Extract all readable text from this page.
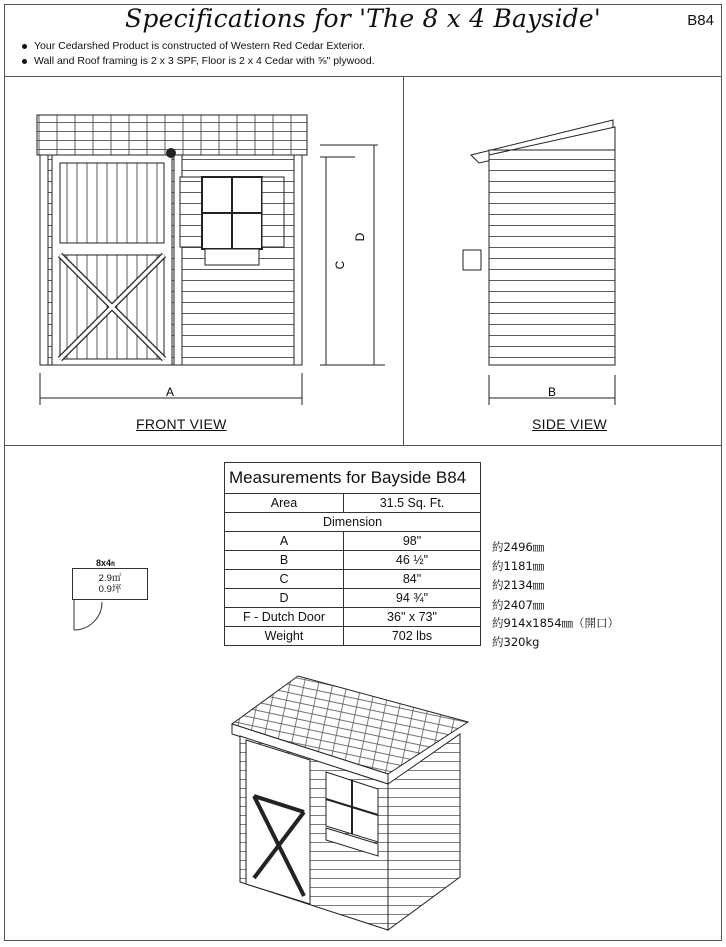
Specifications for 'The 8 x 4 Bayside'	B84
Your Cedarshed Product is constructed of Western Red Cedar Exterior.
Wall and Roof framing is 2 x 3 SPF, Floor is 2 x 4 Cedar with ⅝" plywood.
A
C
D
FRONT VIEW
B
SIDE VIEW
8x4ft
2.9㎡
0.9坪
Measurements for Bayside B84	
Area	31.5 Sq. Ft.
Dimension	
A	98"
B	46 ½"
C	84"
D	94 ¾"
F - Dutch Door	36" x 73"
Weight	702 lbs
約2496㎜
約1181㎜
約2134㎜
約2407㎜
約914x1854㎜（開口）
約320kg
